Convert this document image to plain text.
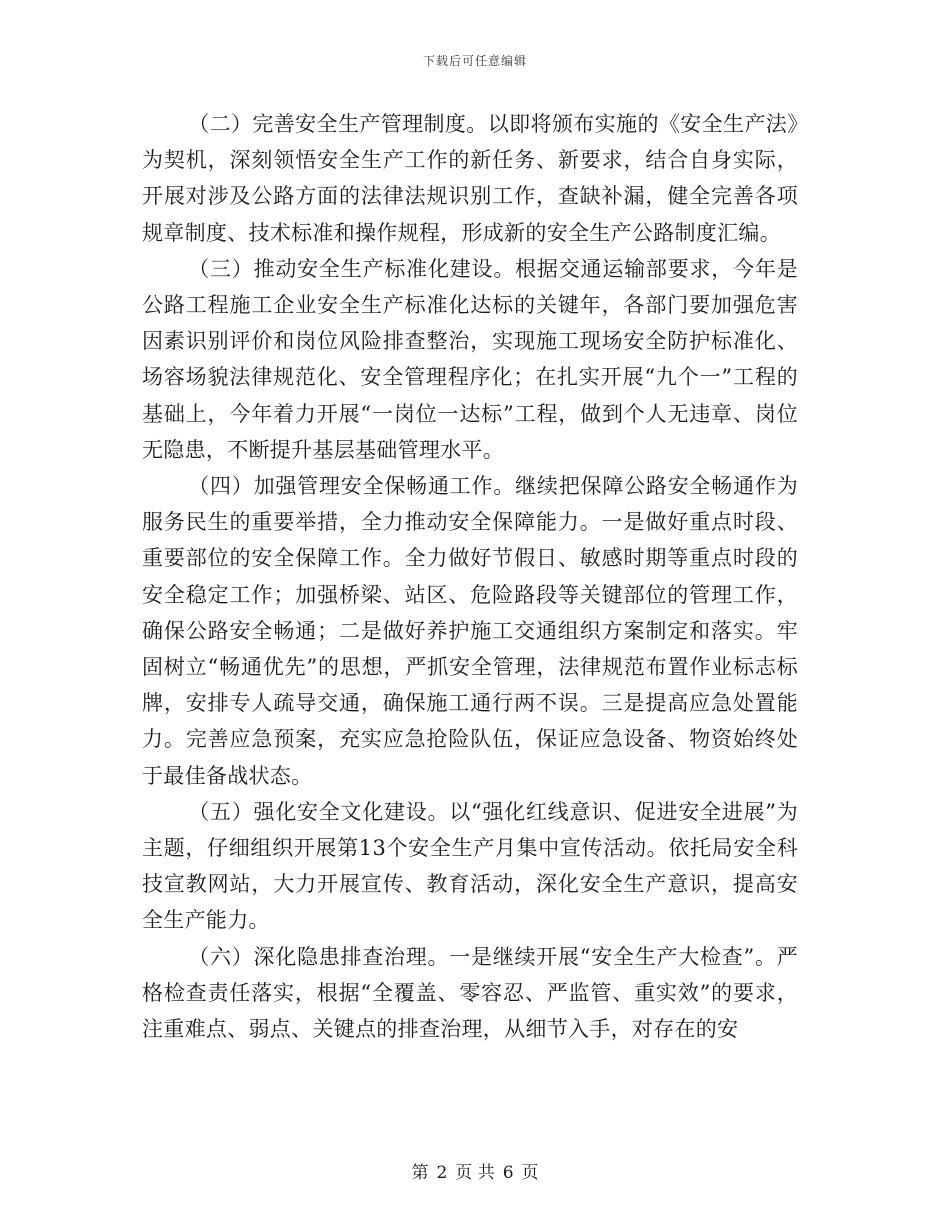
下载后可任意编辑

（二）完善安全生产管理制度。以即将颁布实施的《安全生产法》为契机，深刻领悟安全生产工作的新任务、新要求，结合自身实际，开展对涉及公路方面的法律法规识别工作，查缺补漏，健全完善各项规章制度、技术标准和操作规程，形成新的安全生产公路制度汇编。

（三）推动安全生产标准化建设。根据交通运输部要求，今年是公路工程施工企业安全生产标准化达标的关键年，各部门要加强危害因素识别评价和岗位风险排查整治，实现施工现场安全防护标准化、场容场貌法律规范化、安全管理程序化；在扎实开展“九个一”工程的基础上，今年着力开展“一岗位一达标”工程，做到个人无违章、岗位无隐患，不断提升基层基础管理水平。

（四）加强管理安全保畅通工作。继续把保障公路安全畅通作为服务民生的重要举措，全力推动安全保障能力。一是做好重点时段、重要部位的安全保障工作。全力做好节假日、敏感时期等重点时段的安全稳定工作；加强桥梁、站区、危险路段等关键部位的管理工作，确保公路安全畅通；二是做好养护施工交通组织方案制定和落实。牢固树立“畅通优先”的思想，严抓安全管理，法律规范布置作业标志标牌，安排专人疏导交通，确保施工通行两不误。三是提高应急处置能力。完善应急预案，充实应急抢险队伍，保证应急设备、物资始终处于最佳备战状态。

（五）强化安全文化建设。以“强化红线意识、促进安全进展”为主题，仔细组织开展第13个安全生产月集中宣传活动。依托局安全科技宣教网站，大力开展宣传、教育活动，深化安全生产意识，提高安全生产能力。

（六）深化隐患排查治理。一是继续开展“安全生产大检查”。严格检查责任落实，根据“全覆盖、零容忍、严监管、重实效”的要求，注重难点、弱点、关键点的排查治理，从细节入手，对存在的安

第 2 页 共 6 页
